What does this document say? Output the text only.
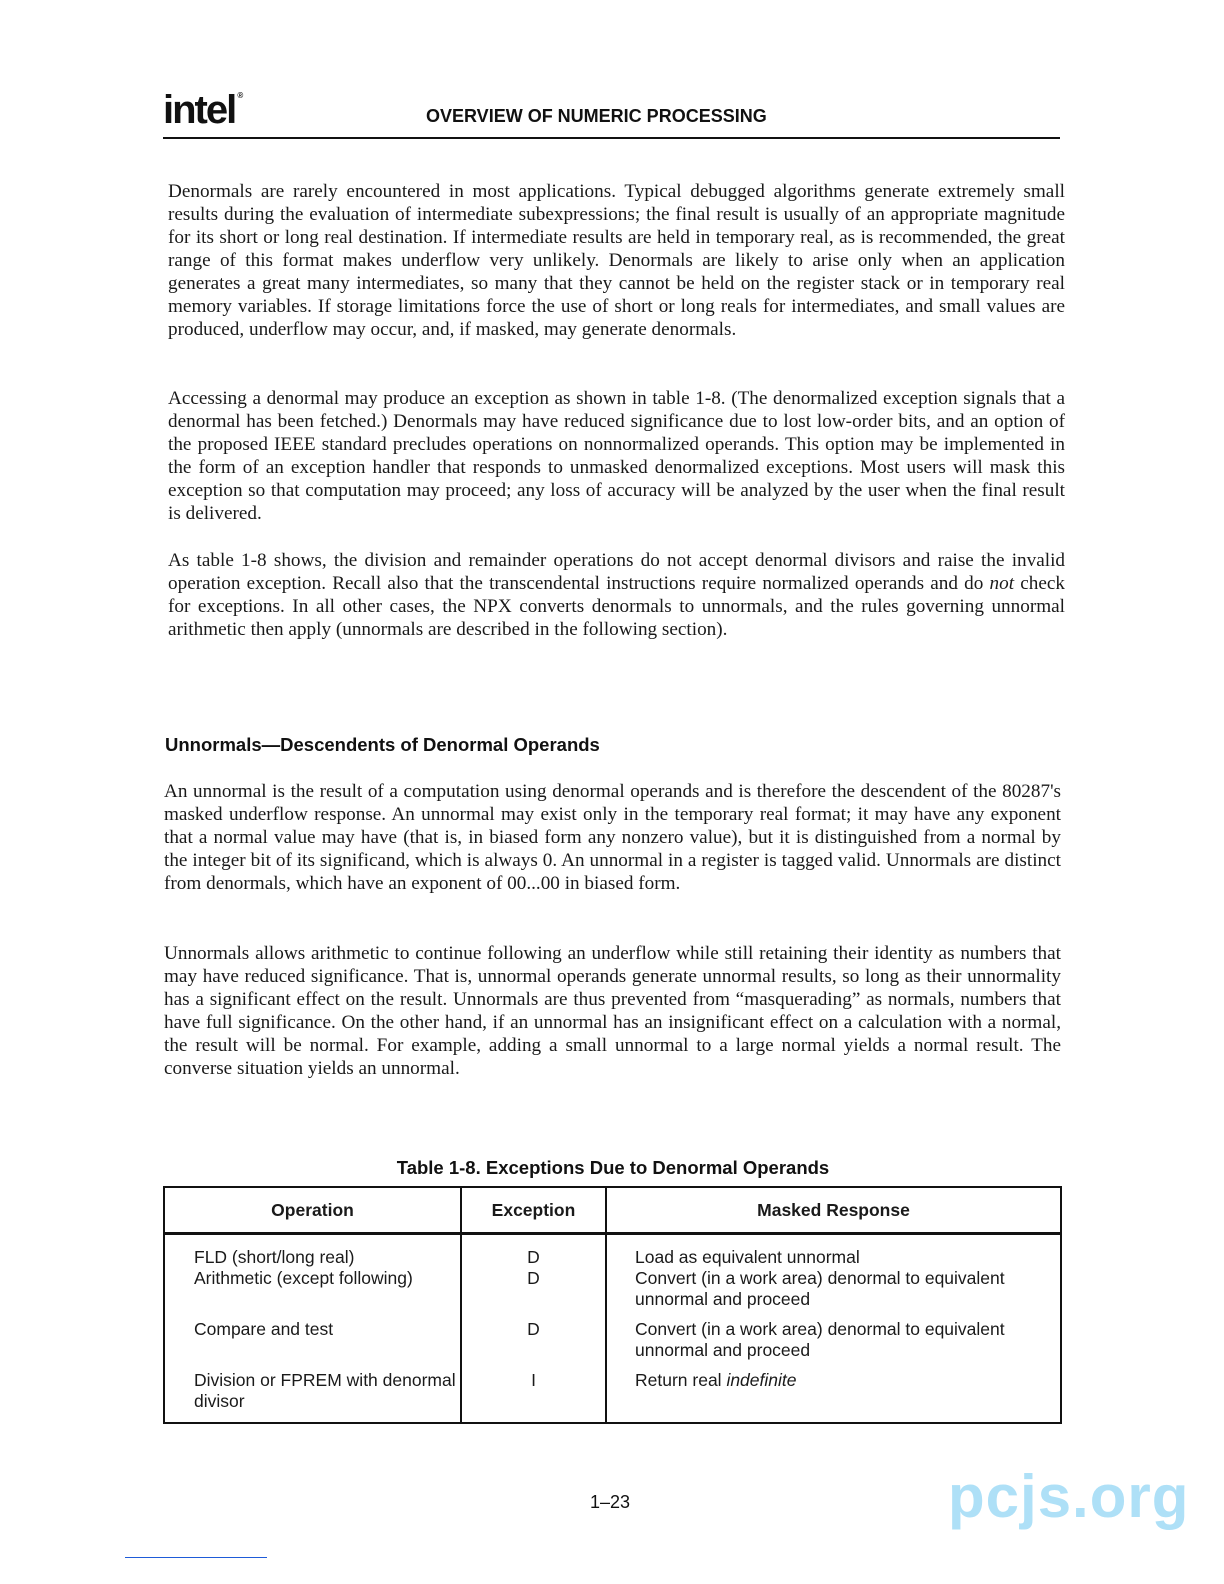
intel ®
OVERVIEW OF NUMERIC PROCESSING

Denormals are rarely encountered in most applications. Typical debugged algorithms generate extremely small results during the evaluation of intermediate subexpressions; the final result is usually of an appropriate magnitude for its short or long real destination. If intermediate results are held in temporary real, as is recommended, the great range of this format makes underflow very unlikely. Denormals are likely to arise only when an application generates a great many intermediates, so many that they cannot be held on the register stack or in temporary real memory variables. If storage limitations force the use of short or long reals for intermediates, and small values are produced, underflow may occur, and, if masked, may generate denormals.

Accessing a denormal may produce an exception as shown in table 1-8. (The denormalized exception signals that a denormal has been fetched.) Denormals may have reduced significance due to lost low-order bits, and an option of the proposed IEEE standard precludes operations on nonnormalized operands. This option may be implemented in the form of an exception handler that responds to unmasked denormalized exceptions. Most users will mask this exception so that computation may proceed; any loss of accuracy will be analyzed by the user when the final result is delivered.

As table 1-8 shows, the division and remainder operations do not accept denormal divisors and raise the invalid operation exception. Recall also that the transcendental instructions require normalized operands and do not check for exceptions. In all other cases, the NPX converts denormals to unnormals, and the rules governing unnormal arithmetic then apply (unnormals are described in the following section).

Unnormals—Descendents of Denormal Operands

An unnormal is the result of a computation using denormal operands and is therefore the descendent of the 80287's masked underflow response. An unnormal may exist only in the temporary real format; it may have any exponent that a normal value may have (that is, in biased form any nonzero value), but it is distinguished from a normal by the integer bit of its significand, which is always 0. An unnormal in a register is tagged valid. Unnormals are distinct from denormals, which have an exponent of 00...00 in biased form.

Unnormals allows arithmetic to continue following an underflow while still retaining their identity as numbers that may have reduced significance. That is, unnormal operands generate unnormal results, so long as their unnormality has a significant effect on the result. Unnormals are thus prevented from “masquerading” as normals, numbers that have full significance. On the other hand, if an unnormal has an insignificant effect on a calculation with a normal, the result will be normal. For example, adding a small unnormal to a large normal yields a normal result. The converse situation yields an unnormal.

Table 1-8. Exceptions Due to Denormal Operands
Operation	Exception	Masked Response
FLD (short/long real)	D	Load as equivalent unnormal
Arithmetic (except following)	D	Convert (in a work area) denormal to equivalent unnormal and proceed
Compare and test	D	Convert (in a work area) denormal to equivalent unnormal and proceed
Division or FPREM with denormal divisor	I	Return real indefinite
1–23	pcjs.org
